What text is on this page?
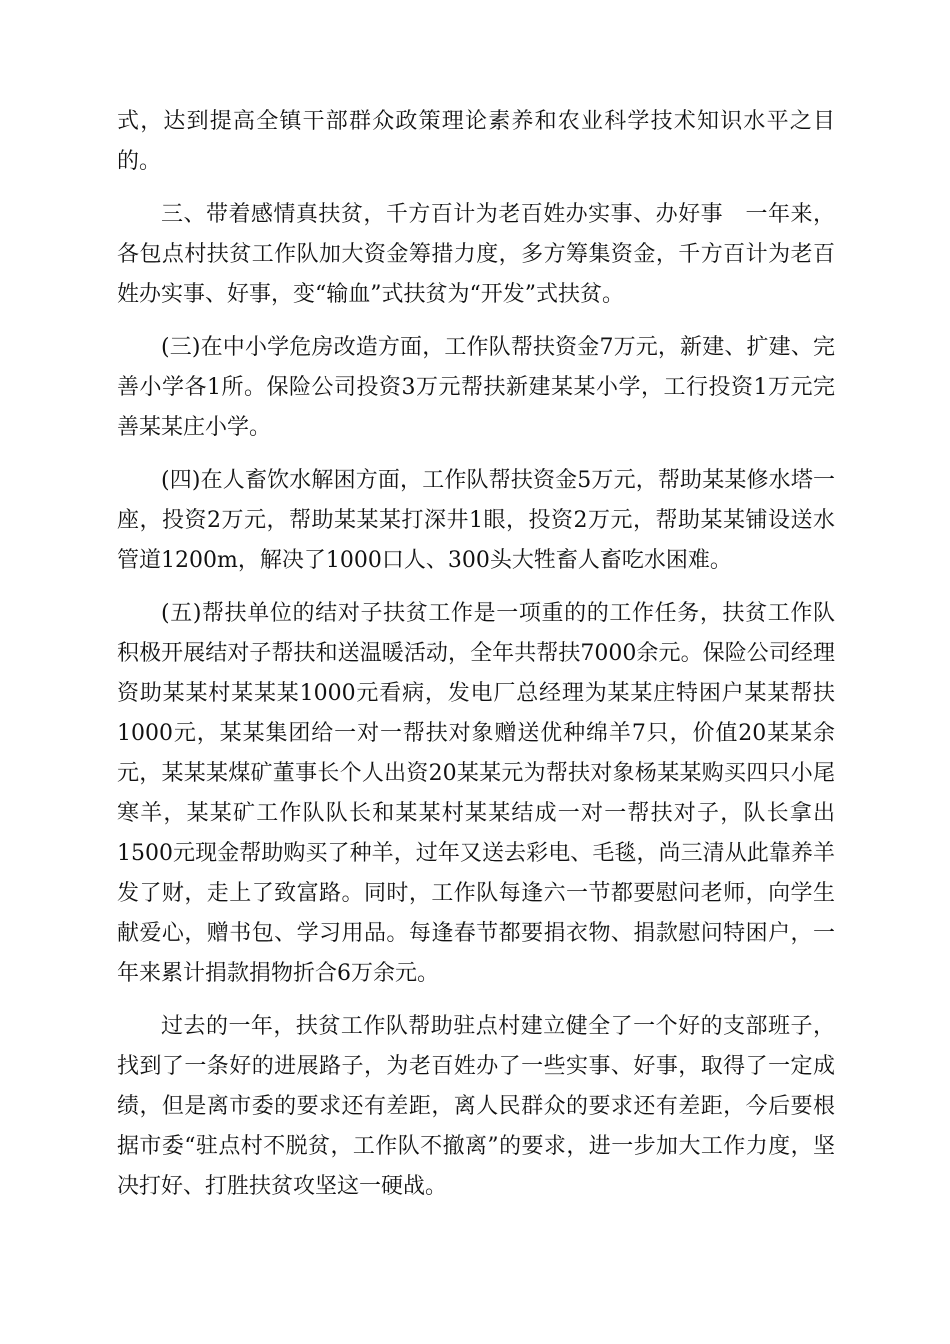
式，达到提高全镇干部群众政策理论素养和农业科学技术知识水平之目的。

三、带着感情真扶贫，千方百计为老百姓办实事、办好事　一年来，各包点村扶贫工作队加大资金筹措力度，多方筹集资金，千方百计为老百姓办实事、好事，变“输血”式扶贫为“开发”式扶贫。

(三)在中小学危房改造方面，工作队帮扶资金7万元，新建、扩建、完善小学各1所。保险公司投资3万元帮扶新建某某小学，工行投资1万元完善某某庄小学。

(四)在人畜饮水解困方面，工作队帮扶资金5万元，帮助某某修水塔一座，投资2万元，帮助某某某打深井1眼，投资2万元，帮助某某铺设送水管道1200m，解决了1000口人、300头大牲畜人畜吃水困难。

(五)帮扶单位的结对子扶贫工作是一项重的的工作任务，扶贫工作队积极开展结对子帮扶和送温暖活动，全年共帮扶7000余元。保险公司经理资助某某村某某某1000元看病，发电厂总经理为某某庄特困户某某帮扶1000元，某某集团给一对一帮扶对象赠送优种绵羊7只，价值20某某余元，某某某煤矿董事长个人出资20某某元为帮扶对象杨某某购买四只小尾寒羊，某某矿工作队队长和某某村某某结成一对一帮扶对子，队长拿出1500元现金帮助购买了种羊，过年又送去彩电、毛毯，尚三清从此靠养羊发了财，走上了致富路。同时，工作队每逢六一节都要慰问老师，向学生献爱心，赠书包、学习用品。每逢春节都要捐衣物、捐款慰问特困户，一年来累计捐款捐物折合6万余元。

过去的一年，扶贫工作队帮助驻点村建立健全了一个好的支部班子，找到了一条好的进展路子，为老百姓办了一些实事、好事，取得了一定成绩，但是离市委的要求还有差距，离人民群众的要求还有差距，今后要根据市委“驻点村不脱贫，工作队不撤离”的要求，进一步加大工作力度，坚决打好、打胜扶贫攻坚这一硬战。
